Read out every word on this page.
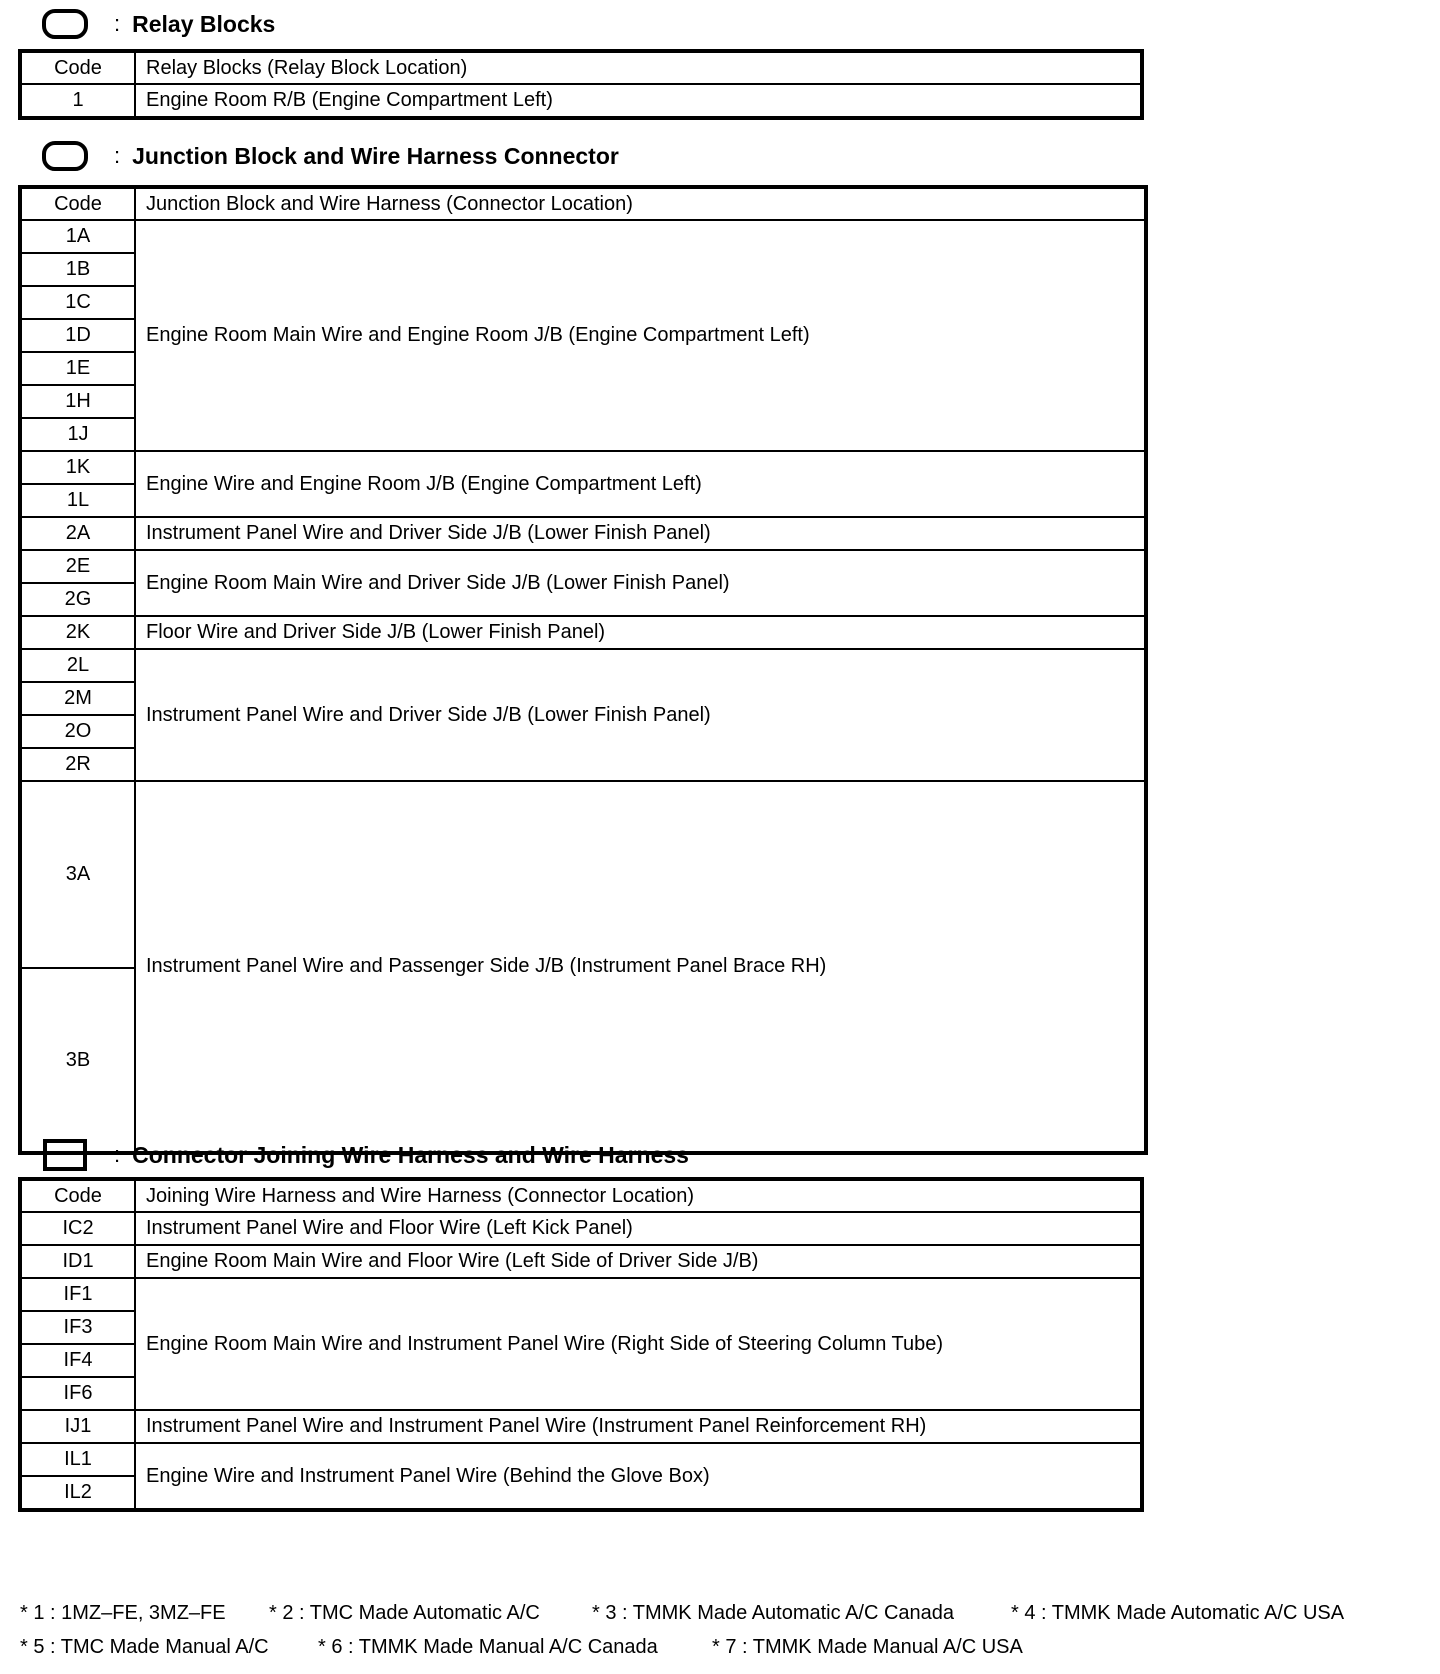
: Relay Blocks
Code	Relay Blocks (Relay Block Location)
1	Engine Room R/B (Engine Compartment Left)
: Junction Block and Wire Harness Connector
Code	Junction Block and Wire Harness (Connector Location)
1A	Engine Room Main Wire and Engine Room J/B (Engine Compartment Left)
1B	
1C	
1D	
1E	
1H	
1J	
1K	Engine Wire and Engine Room J/B (Engine Compartment Left)
1L	
2A	Instrument Panel Wire and Driver Side J/B (Lower Finish Panel)
2E	Engine Room Main Wire and Driver Side J/B (Lower Finish Panel)
2G	
2K	Floor Wire and Driver Side J/B (Lower Finish Panel)
2L	Instrument Panel Wire and Driver Side J/B (Lower Finish Panel)
2M	
2O	
2R	
3A	Instrument Panel Wire and Passenger Side J/B (Instrument Panel Brace RH)
3B	
: Connector Joining Wire Harness and Wire Harness
Code	Joining Wire Harness and Wire Harness (Connector Location)
IC2	Instrument Panel Wire and Floor Wire (Left Kick Panel)
ID1	Engine Room Main Wire and Floor Wire (Left Side of Driver Side J/B)
IF1	Engine Room Main Wire and Instrument Panel Wire (Right Side of Steering Column Tube)
IF3	
IF4	
IF6	
IJ1	Instrument Panel Wire and Instrument Panel Wire (Instrument Panel Reinforcement RH)
IL1	Engine Wire and Instrument Panel Wire (Behind the Glove Box)
IL2	
* 1 : 1MZ–FE, 3MZ–FE * 2 : TMC Made Automatic A/C	* 3 : TMMK Made Automatic A/C Canada	* 4 : TMMK Made Automatic A/C USA
* 5 : TMC Made Manual A/C * 6 : TMMK Made Manual A/C Canada	* 7 : TMMK Made Manual A/C USA
